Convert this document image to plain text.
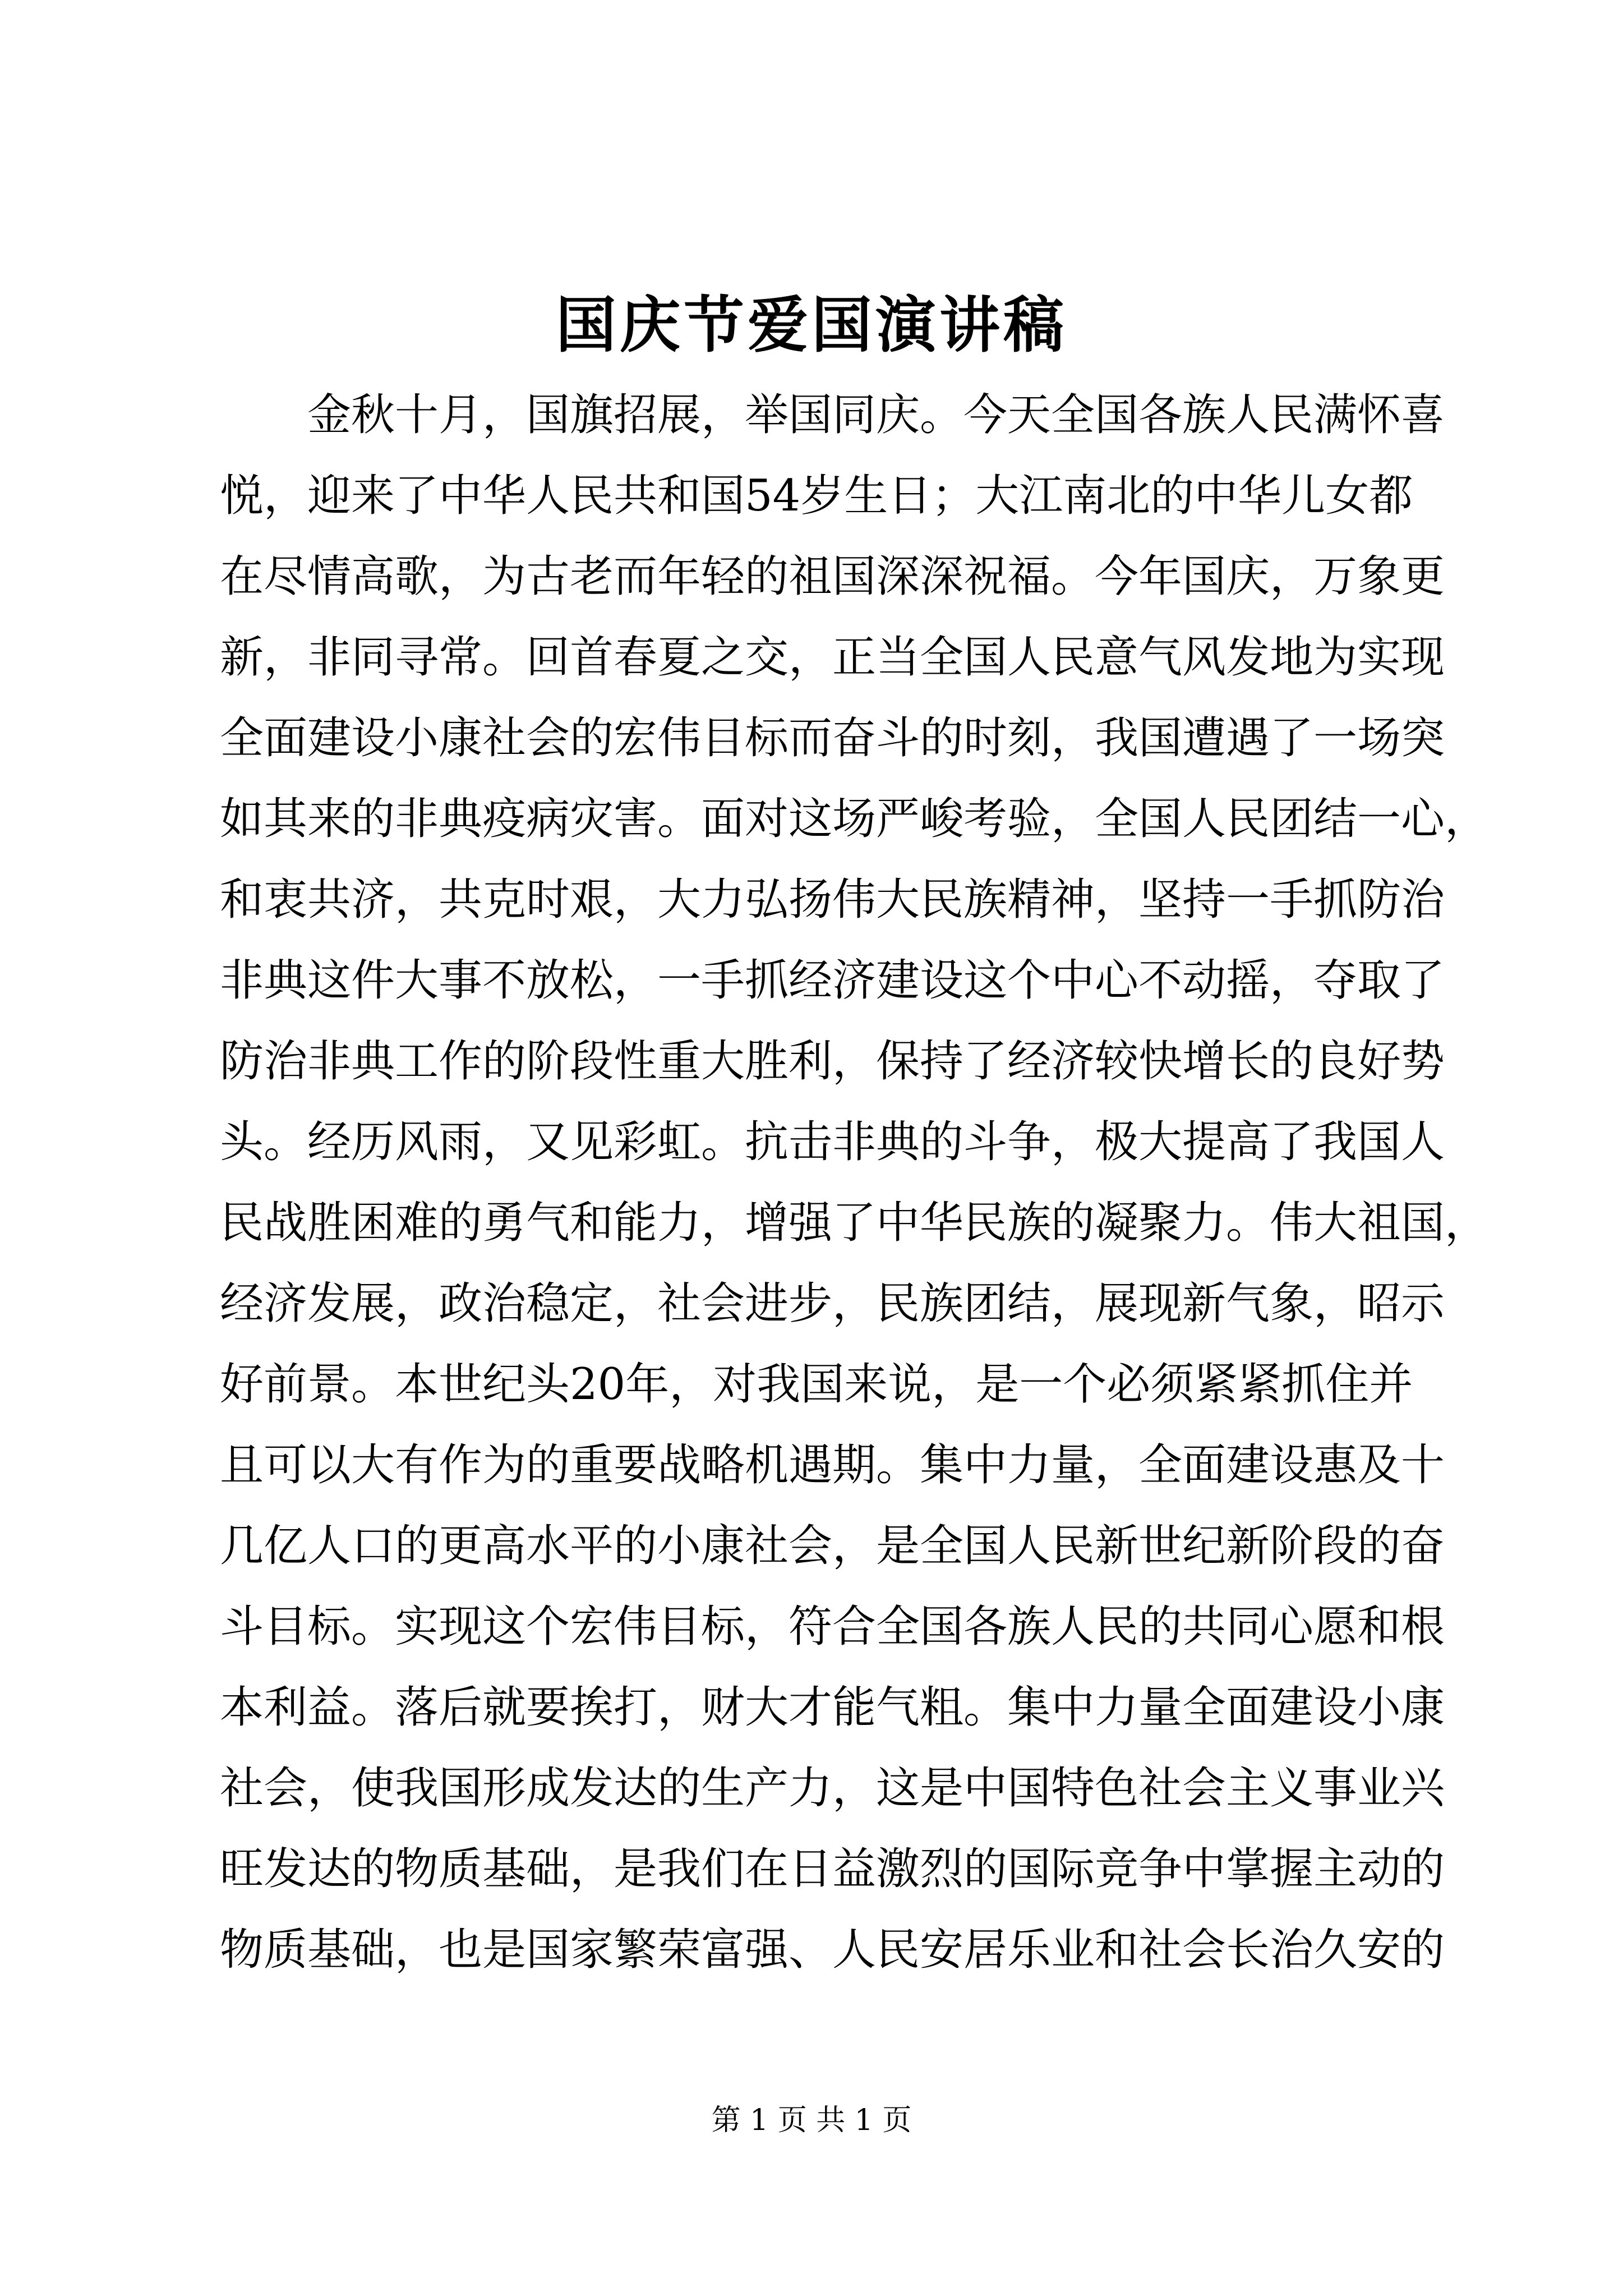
国庆节爱国演讲稿
　　金秋十月，国旗招展，举国同庆。今天全国各族人民满怀喜
悦，迎来了中华人民共和国54岁生日；大江南北的中华儿女都
在尽情高歌，为古老而年轻的祖国深深祝福。今年国庆，万象更
新，非同寻常。回首春夏之交，正当全国人民意气风发地为实现
全面建设小康社会的宏伟目标而奋斗的时刻，我国遭遇了一场突
如其来的非典疫病灾害。面对这场严峻考验，全国人民团结一心，
和衷共济，共克时艰，大力弘扬伟大民族精神，坚持一手抓防治
非典这件大事不放松，一手抓经济建设这个中心不动摇，夺取了
防治非典工作的阶段性重大胜利，保持了经济较快增长的良好势
头。经历风雨，又见彩虹。抗击非典的斗争，极大提高了我国人
民战胜困难的勇气和能力，增强了中华民族的凝聚力。伟大祖国，
经济发展，政治稳定，社会进步，民族团结，展现新气象，昭示
好前景。本世纪头20年，对我国来说，是一个必须紧紧抓住并
且可以大有作为的重要战略机遇期。集中力量，全面建设惠及十
几亿人口的更高水平的小康社会，是全国人民新世纪新阶段的奋
斗目标。实现这个宏伟目标，符合全国各族人民的共同心愿和根
本利益。落后就要挨打，财大才能气粗。集中力量全面建设小康
社会，使我国形成发达的生产力，这是中国特色社会主义事业兴
旺发达的物质基础，是我们在日益激烈的国际竞争中掌握主动的
物质基础，也是国家繁荣富强、人民安居乐业和社会长治久安的

第 1 页 共 1 页
